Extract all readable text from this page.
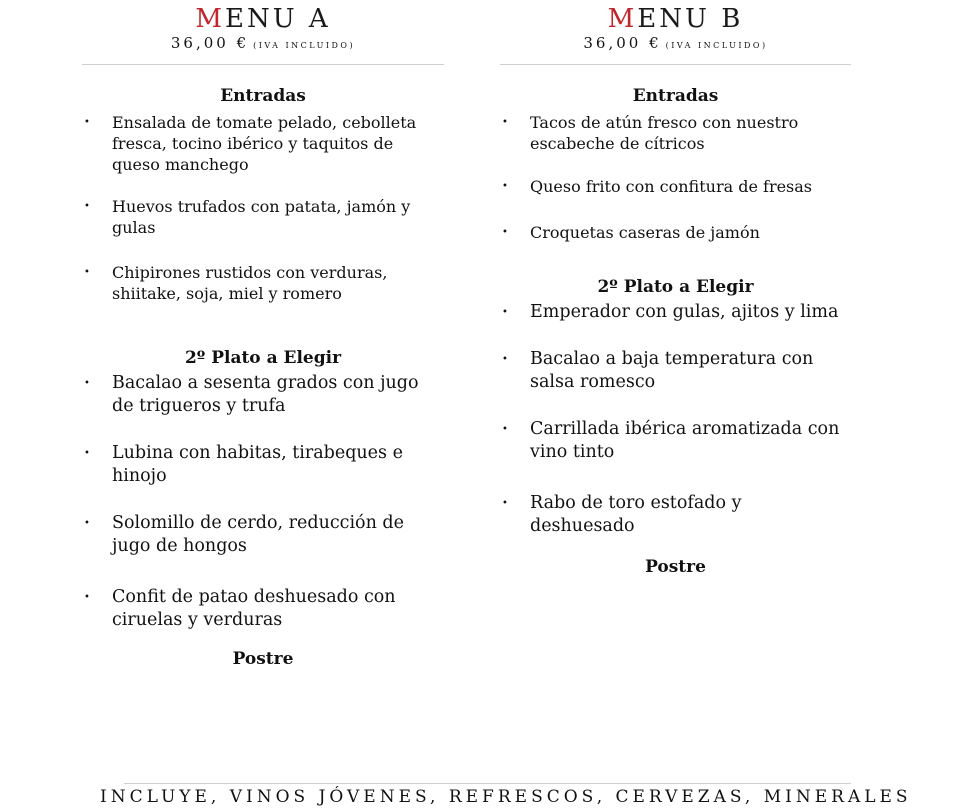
MENU A
36,00 € (IVA INCLUIDO)
Entradas
• Ensalada de tomate pelado, cebolleta fresca, tocino ibérico y taquitos de queso manchego
• Huevos trufados con patata, jamón y gulas
• Chipirones rustidos con verduras, shiitake, soja, miel y romero
2º Plato a Elegir
• Bacalao a sesenta grados con jugo de trigueros y trufa
• Lubina con habitas, tirabeques e hinojo
• Solomillo de cerdo, reducción de jugo de hongos
• Confit de pataо deshuesado con ciruelas y verduras
Postre
MENU B
36,00 € (IVA INCLUIDO)
Entradas
• Tacos de atún fresco con nuestro escabeche de cítricos
• Queso frito con confitura de fresas
• Croquetas caseras de jamón
2º Plato a Elegir
• Emperador con gulas, ajitos y lima
• Bacalao a baja temperatura con salsa romesco
• Carrillada ibérica aromatizada con vino tinto
• Rabo de toro estofado y deshuesado
Postre
INCLUYE, VINOS JÓVENES, REFRESCOS, CERVEZAS, MINERALES
